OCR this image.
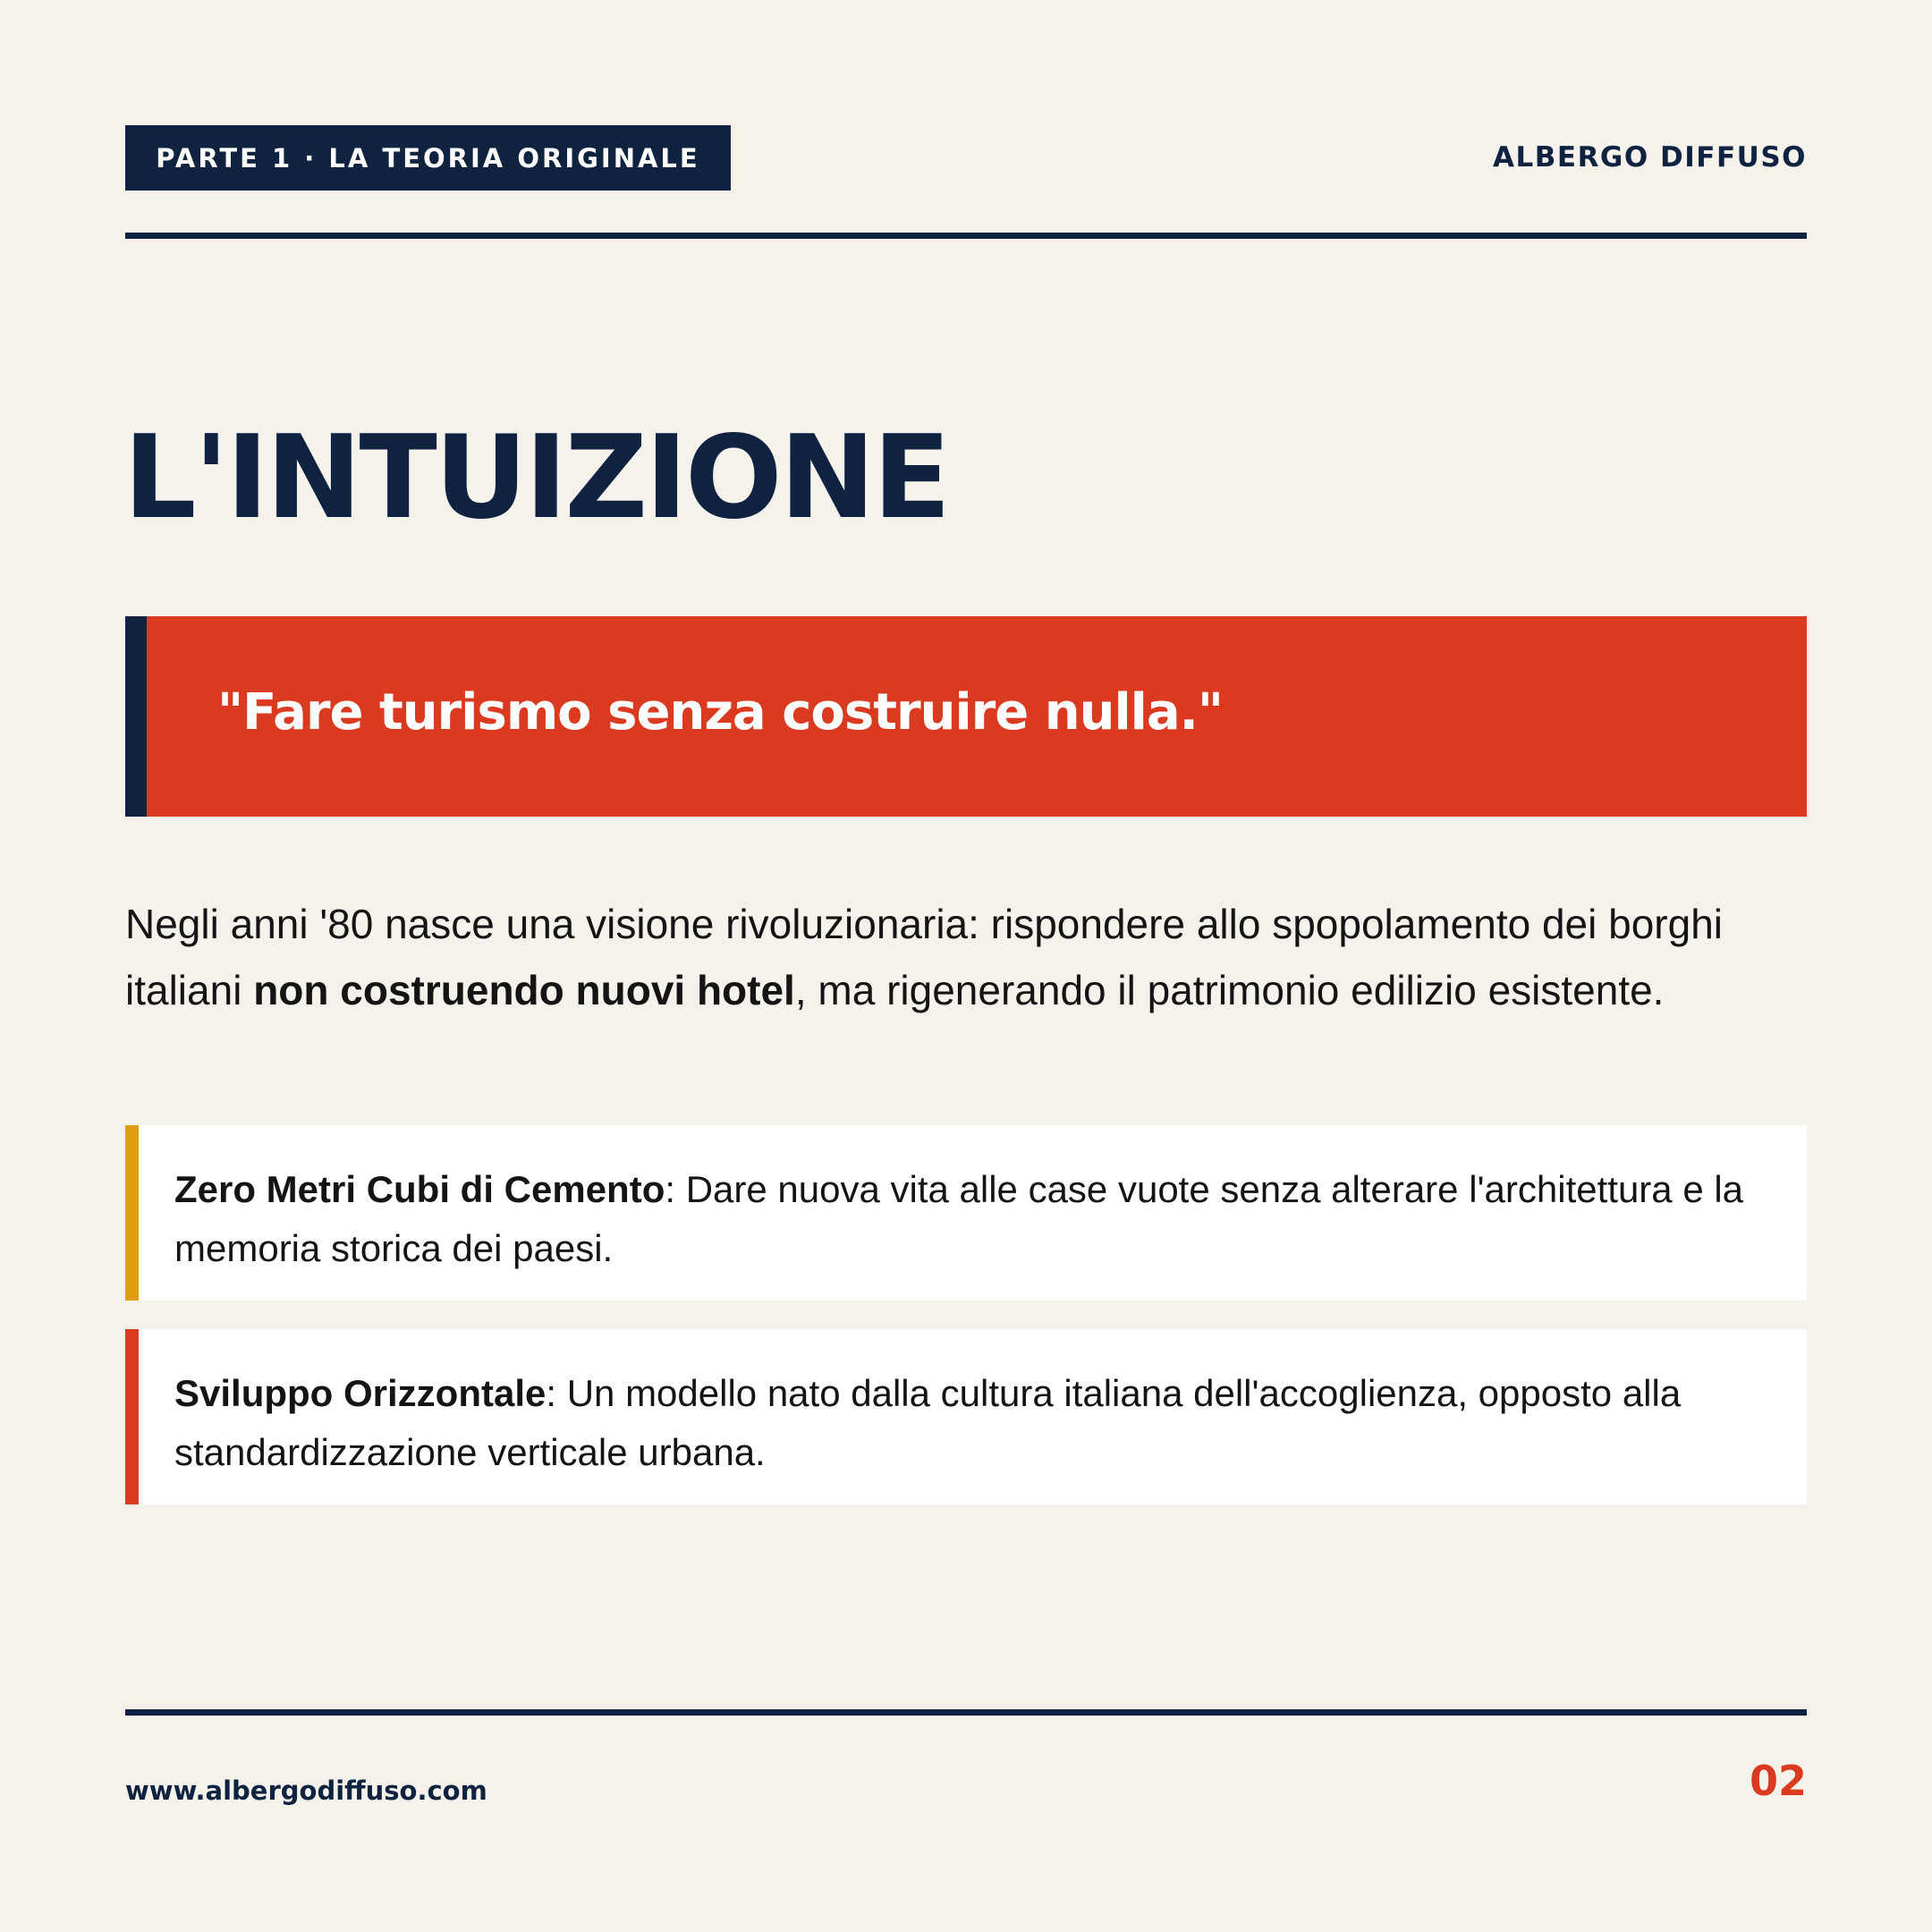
PARTE 1 · LA TEORIA ORIGINALE	ALBERGO DIFFUSO
L'INTUIZIONE
"Fare turismo senza costruire nulla."

Negli anni '80 nasce una visione rivoluzionaria: rispondere allo spopolamento dei borghi italiani non costruendo nuovi hotel, ma rigenerando il patrimonio edilizio esistente.

Zero Metri Cubi di Cemento: Dare nuova vita alle case vuote senza alterare l'architettura e la memoria storica dei paesi.
Sviluppo Orizzontale: Un modello nato dalla cultura italiana dell'accoglienza, opposto alla standardizzazione verticale urbana.
www.albergodiffuso.com	02
